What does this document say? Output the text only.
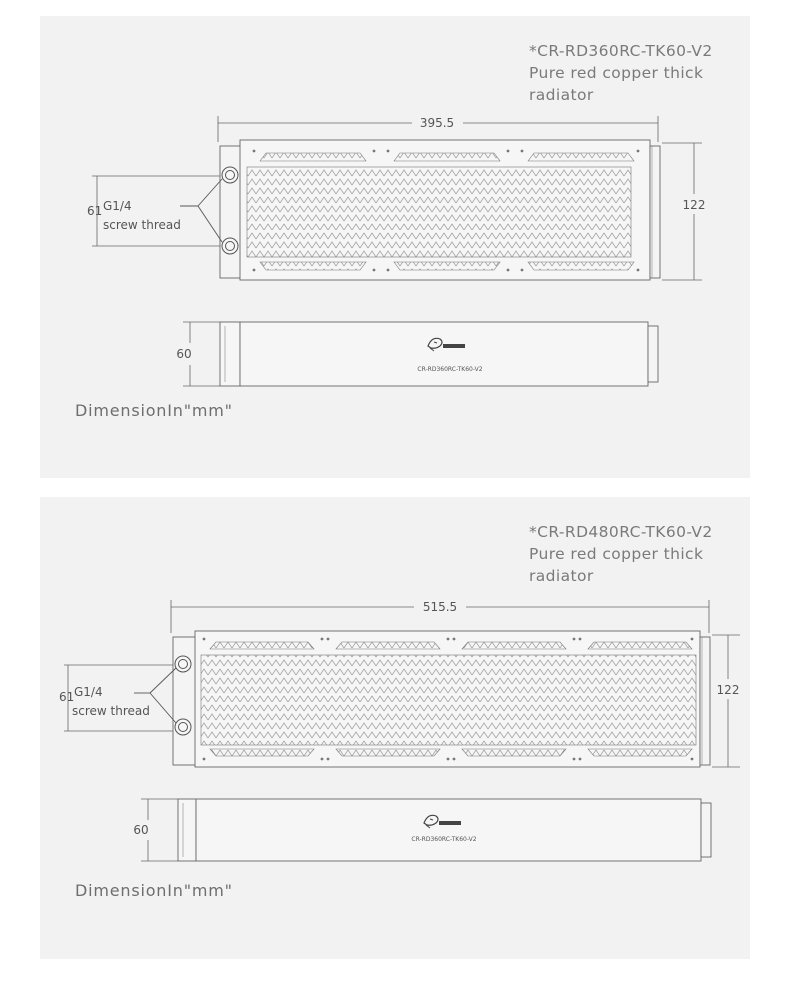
*CR-RD360RC-TK60-V2
Pure red copper thick
radiator
395.5
122
61 G1/4
screw thread
60
CR-RD360RC-TK60-V2
DimensionIn"mm"
*CR-RD480RC-TK60-V2
Pure red copper thick
radiator
515.5
122
61 G1/4
screw thread
60
CR-RD360RC-TK60-V2
DimensionIn"mm"
